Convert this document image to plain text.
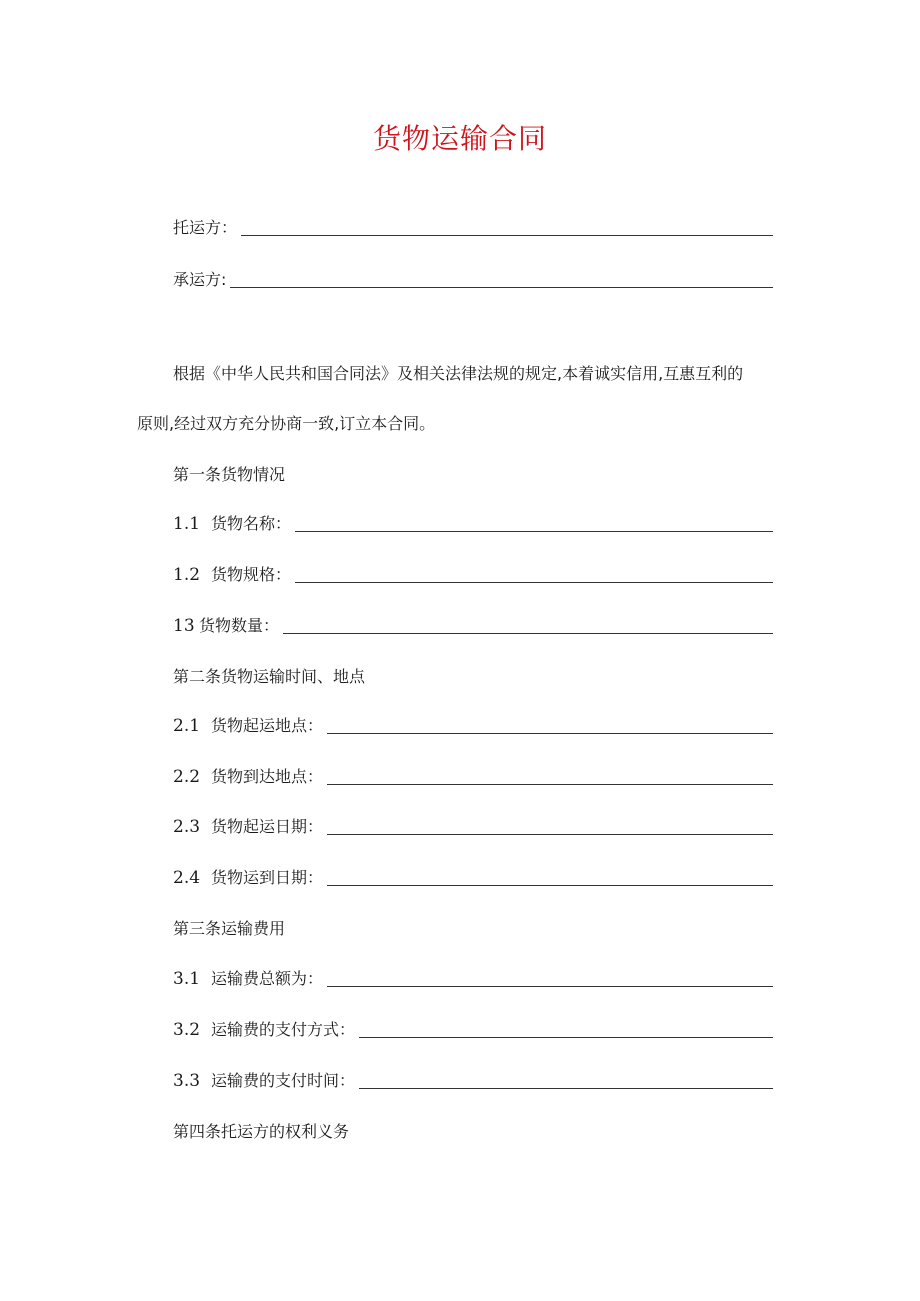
货物运输合同
托运方：
承运方:
根据《中华人民共和国合同法》及相关法律法规的规定,本着诚实信用,互惠互利的
原则,经过双方充分协商一致,订立本合同。
第一条货物情况
1.1 货物名称：
1.2 货物规格：
13 货物数量：
第二条货物运输时间、地点
2.1 货物起运地点：
2.2 货物到达地点：
2.3 货物起运日期：
2.4 货物运到日期：
第三条运输费用
3.1 运输费总额为：
3.2 运输费的支付方式：
3.3 运输费的支付时间：
第四条托运方的权利义务
